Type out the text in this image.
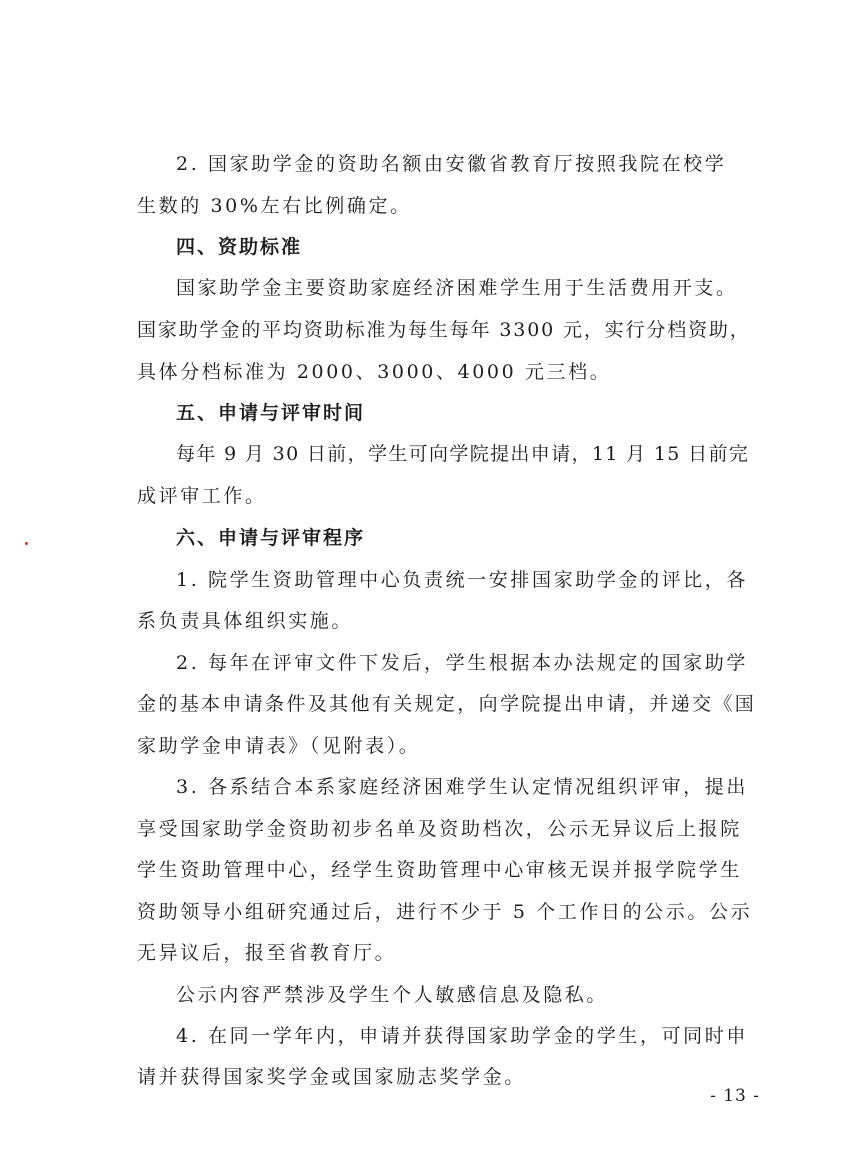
2. 国家助学金的资助名额由安徽省教育厅按照我院在校学
生数的 30%左右比例确定。
四、资助标准
国家助学金主要资助家庭经济困难学生用于生活费用开支。
国家助学金的平均资助标准为每生每年 3300 元，实行分档资助，
具体分档标准为 2000、3000、4000 元三档。
五、申请与评审时间
每年 9 月 30 日前，学生可向学院提出申请，11 月 15 日前完
成评审工作。
六、申请与评审程序
1. 院学生资助管理中心负责统一安排国家助学金的评比，各
系负责具体组织实施。
2. 每年在评审文件下发后，学生根据本办法规定的国家助学
金的基本申请条件及其他有关规定，向学院提出申请，并递交《国
家助学金申请表》（见附表）。
3. 各系结合本系家庭经济困难学生认定情况组织评审，提出
享受国家助学金资助初步名单及资助档次，公示无异议后上报院
学生资助管理中心，经学生资助管理中心审核无误并报学院学生
资助领导小组研究通过后，进行不少于 5 个工作日的公示。公示
无异议后，报至省教育厅。
公示内容严禁涉及学生个人敏感信息及隐私。
4. 在同一学年内，申请并获得国家助学金的学生，可同时申
请并获得国家奖学金或国家励志奖学金。
- 13 -
